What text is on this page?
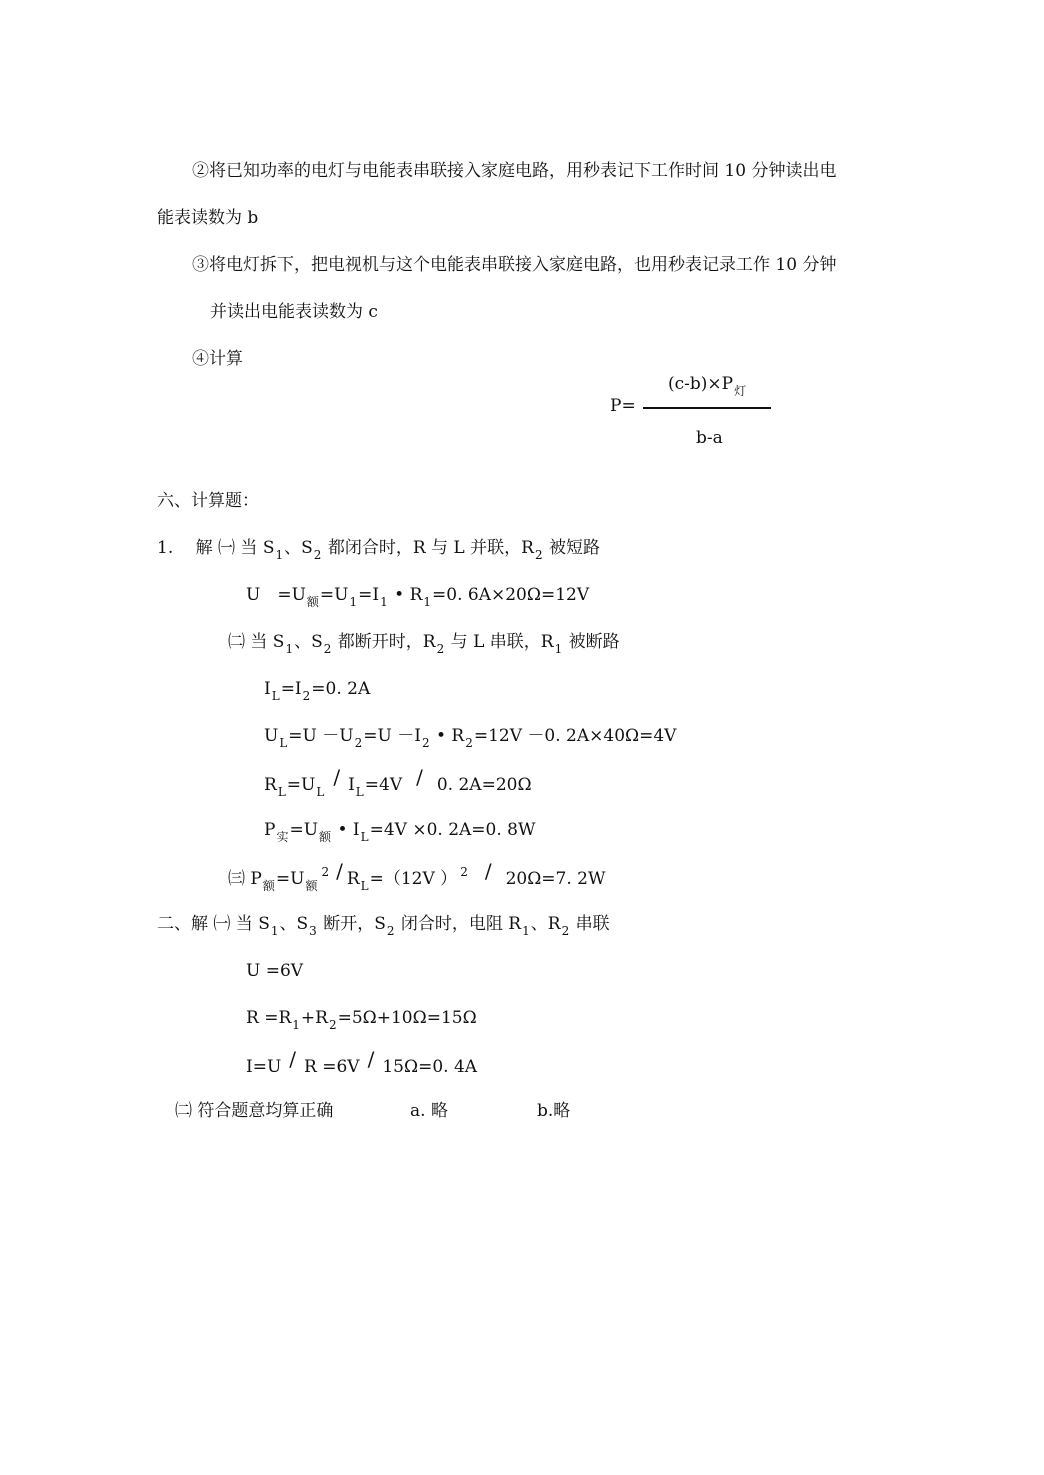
②将已知功率的电灯与电能表串联接入家庭电路，用秒表记下工作时间 10 分钟读出电
能表读数为 b
③将电灯拆下，把电视机与这个电能表串联接入家庭电路，也用秒表记录工作 10 分钟
并读出电能表读数为 c
④计算
P=
$(c-b)\times P_灯$
b-a
六、计算题：
1.　 解 ㈠ 当 $S_1$、$S_2$ 都闭合时，R 与 L 并联，$R_2$ 被短路
U　$=U_额=U_1=I_1$ • $R_1=0$. 6A×20Ω=12V
㈡ 当 $S_1$、$S_2$ 都断开时，$R_2$ 与 L 串联，$R_1$ 被断路
$I_L=I_2=0$. 2A
$U_L=U -U_2=U -I_2$ • $R_2=12V -0$. 2A×40Ω=4V
$R_L=U_L/$ $I_L=4V / 0$. 2A=20Ω
$P_实=U_额$ • $I_L=4V \times 0$. 2A=0. 8W
㈢ $P_额=U_额^2 / R_L=(12V$ ） $^2$ / 20Ω=7. 2W
二、解 ㈠ 当 $S_1$、$S_3$ 断开，$S_2$ 闭合时，电阻 $R_1$、$R_2$ 串联
U =6V
$R =R_1+R_2=5\Omega+10\Omega=15\Omega$
I=U / R =6V / 15Ω=0. 4A
㈡ 符合题意均算正确	a. 略	b.略
